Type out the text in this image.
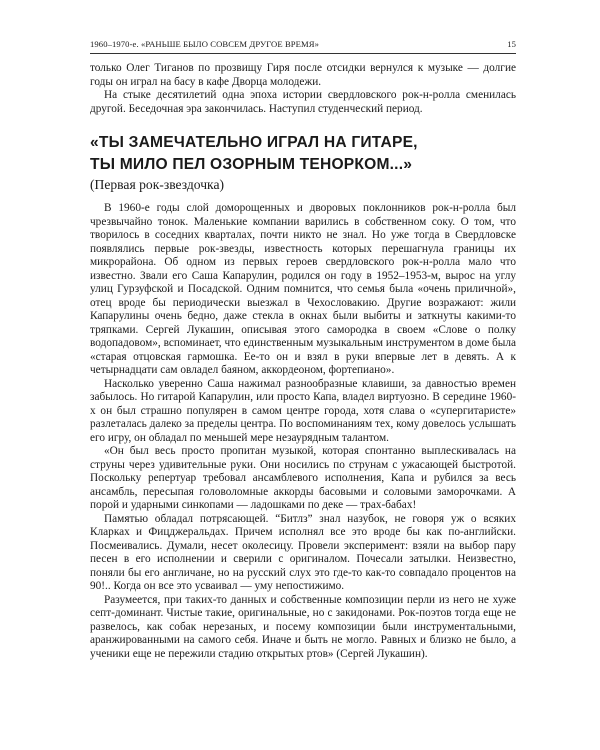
1960–1970-е. «РАНЬШЕ БЫЛО СОВСЕМ ДРУГОЕ ВРЕМЯ»	15

только Олег Тиганов по прозвищу Гиря после отсидки вернулся к музыке — долгие годы он играл на басу в кафе Дворца молодежи.

На стыке десятилетий одна эпоха истории свердловского рок-н-ролла сменилась другой. Беседочная эра закончилась. Наступил студенческий период.

«ТЫ ЗАМЕЧАТЕЛЬНО ИГРАЛ НА ГИТАРЕ,
ТЫ МИЛО ПЕЛ ОЗОРНЫМ ТЕНОРКОМ...»
(Первая рок-звездочка)

В 1960-е годы слой доморощенных и дворовых поклонников рок-н-ролла был чрезвычайно тонок. Маленькие компании варились в собственном соку. О том, что творилось в соседних кварталах, почти никто не знал. Но уже тогда в Свердловске появлялись первые рок-звезды, известность которых перешагнула границы их микрорайона. Об одном из первых героев свердловского рок-н-ролла мало что известно. Звали его Саша Капарулин, родился он году в 1952–1953-м, вырос на углу улиц Гурзуфской и Посадской. Одним помнится, что семья была «очень приличной», отец вроде бы периодически выезжал в Чехословакию. Другие возражают: жили Капарулины очень бедно, даже стекла в окнах были выбиты и заткнуты какими-то тряпками. Сергей Лукашин, описывая этого самородка в своем «Слове о полку водопадовом», вспоминает, что единственным музыкальным инструментом в доме была «старая отцовская гармошка. Ее-то он и взял в руки впервые лет в девять. А к четырнадцати сам овладел баяном, аккордеоном, фортепиано».

Насколько уверенно Саша нажимал разнообразные клавиши, за давностью времен забылось. Но гитарой Капарулин, или просто Капа, владел виртуозно. В середине 1960-х он был страшно популярен в самом центре города, хотя слава о «супергитаристе» разлеталась далеко за пределы центра. По воспоминаниям тех, кому довелось услышать его игру, он обладал по меньшей мере незаурядным талантом.

«Он был весь просто пропитан музыкой, которая спонтанно выплескивалась на струны через удивительные руки. Они носились по струнам с ужасающей быстротой. Поскольку репертуар требовал ансамблевого исполнения, Капа и рубился за весь ансамбль, пересыпая головоломные аккорды басовыми и соловыми заморочками. А порой и ударными синкопами — ладошками по деке — трах-бабах!

Памятью обладал потрясающей. “Битлз” знал назубок, не говоря уж о всяких Кларках и Фицджеральдах. Причем исполнял все это вроде бы как по-английски. Посмеивались. Думали, несет околесицу. Провели эксперимент: взяли на выбор пару песен в его исполнении и сверили с оригиналом. Почесали затылки. Неизвестно, поняли бы его англичане, но на русский слух это где-то как-то совпадало процентов на 90!.. Когда он все это усваивал — уму непостижимо.

Разумеется, при таких-то данных и собственные композиции перли из него не хуже септ-доминант. Чистые такие, оригинальные, но с закидонами. Рок-поэтов тогда еще не развелось, как собак нерезаных, и посему композиции были инструментальными, аранжированными на самого себя. Иначе и быть не могло. Равных и близко не было, а ученики еще не пережили стадию открытых ртов» (Сергей Лукашин).
